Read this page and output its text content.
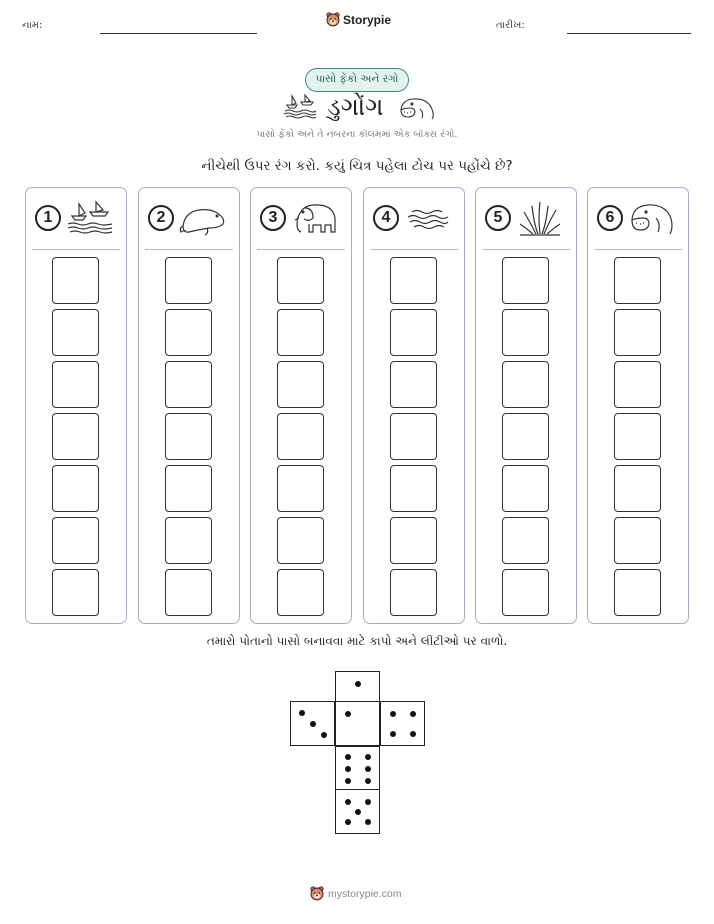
નામ:	Storypie	તારીખ:
પાસો ફેંકો અને રંગો
ડુગોંગ
પાસો ફેંકો અને તે નંબરના કૉલમમાં એક બૉક્સ રંગો.
નીચેથી ઉપર રંગ કરો. કયું ચિત્ર પહેલા ટોચ પર પહોંચે છે?
1	2	3	4	5	6
તમારો પોતાનો પાસો બનાવવા માટે કાપો અને લીટીઓ પર વાળો.
mystorypie.com
